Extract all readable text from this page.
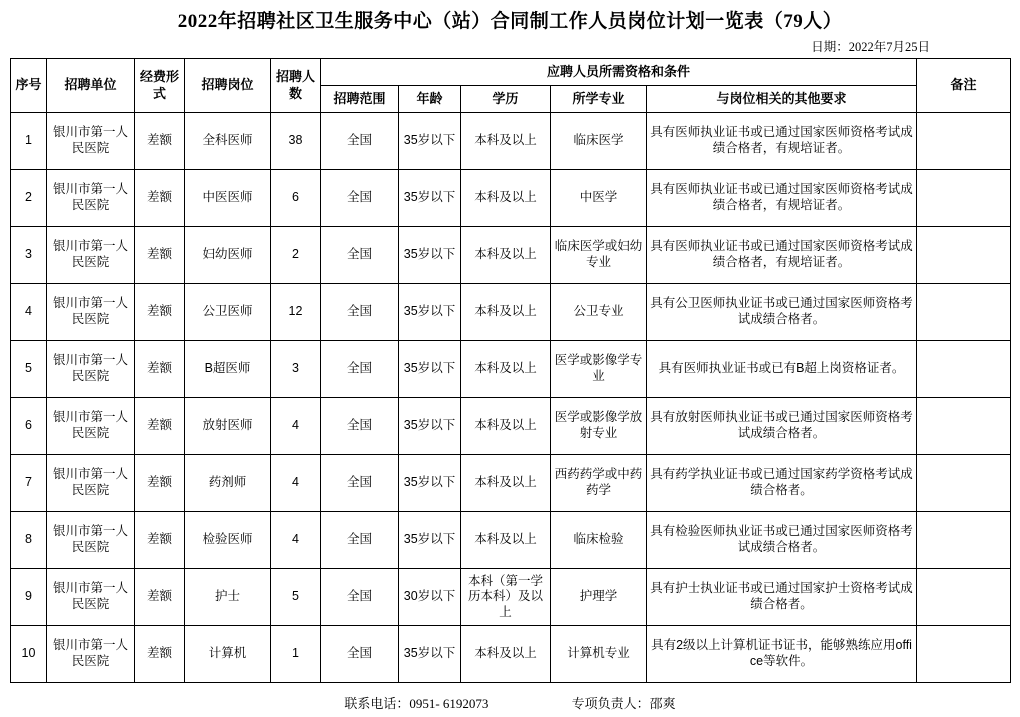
2022年招聘社区卫生服务中心（站）合同制工作人员岗位计划一览表（79人）
日期：2022年7月25日
序号	招聘单位	经费形式	招聘岗位	招聘人数	应聘人员所需资格和条件					备注
					招聘范围	年龄	学历	所学专业	与岗位相关的其他要求	
1	银川市第一人民医院	差额	全科医师	38	全国	35岁以下	本科及以上	临床医学	具有医师执业证书或已通过国家医师资格考试成绩合格者，有规培证者。	
2	银川市第一人民医院	差额	中医医师	6	全国	35岁以下	本科及以上	中医学	具有医师执业证书或已通过国家医师资格考试成绩合格者，有规培证者。	
3	银川市第一人民医院	差额	妇幼医师	2	全国	35岁以下	本科及以上	临床医学或妇幼专业	具有医师执业证书或已通过国家医师资格考试成绩合格者，有规培证者。	
4	银川市第一人民医院	差额	公卫医师	12	全国	35岁以下	本科及以上	公卫专业	具有公卫医师执业证书或已通过国家医师资格考试成绩合格者。	
5	银川市第一人民医院	差额	B超医师	3	全国	35岁以下	本科及以上	医学或影像学专业	具有医师执业证书或已有B超上岗资格证者。	
6	银川市第一人民医院	差额	放射医师	4	全国	35岁以下	本科及以上	医学或影像学放射专业	具有放射医师执业证书或已通过国家医师资格考试成绩合格者。	
7	银川市第一人民医院	差额	药剂师	4	全国	35岁以下	本科及以上	西药药学或中药药学	具有药学执业证书或已通过国家药学资格考试成绩合格者。	
8	银川市第一人民医院	差额	检验医师	4	全国	35岁以下	本科及以上	临床检验	具有检验医师执业证书或已通过国家医师资格考试成绩合格者。	
9	银川市第一人民医院	差额	护士	5	全国	30岁以下	本科（第一学历本科）及以上	护理学	具有护士执业证书或已通过国家护士资格考试成绩合格者。	
10	银川市第一人民医院	差额	计算机	1	全国	35岁以下	本科及以上	计算机专业	具有2级以上计算机证书证书，能够熟练应用office等软件。	
联系电话：0951- 6192073	专项负责人：邵爽
